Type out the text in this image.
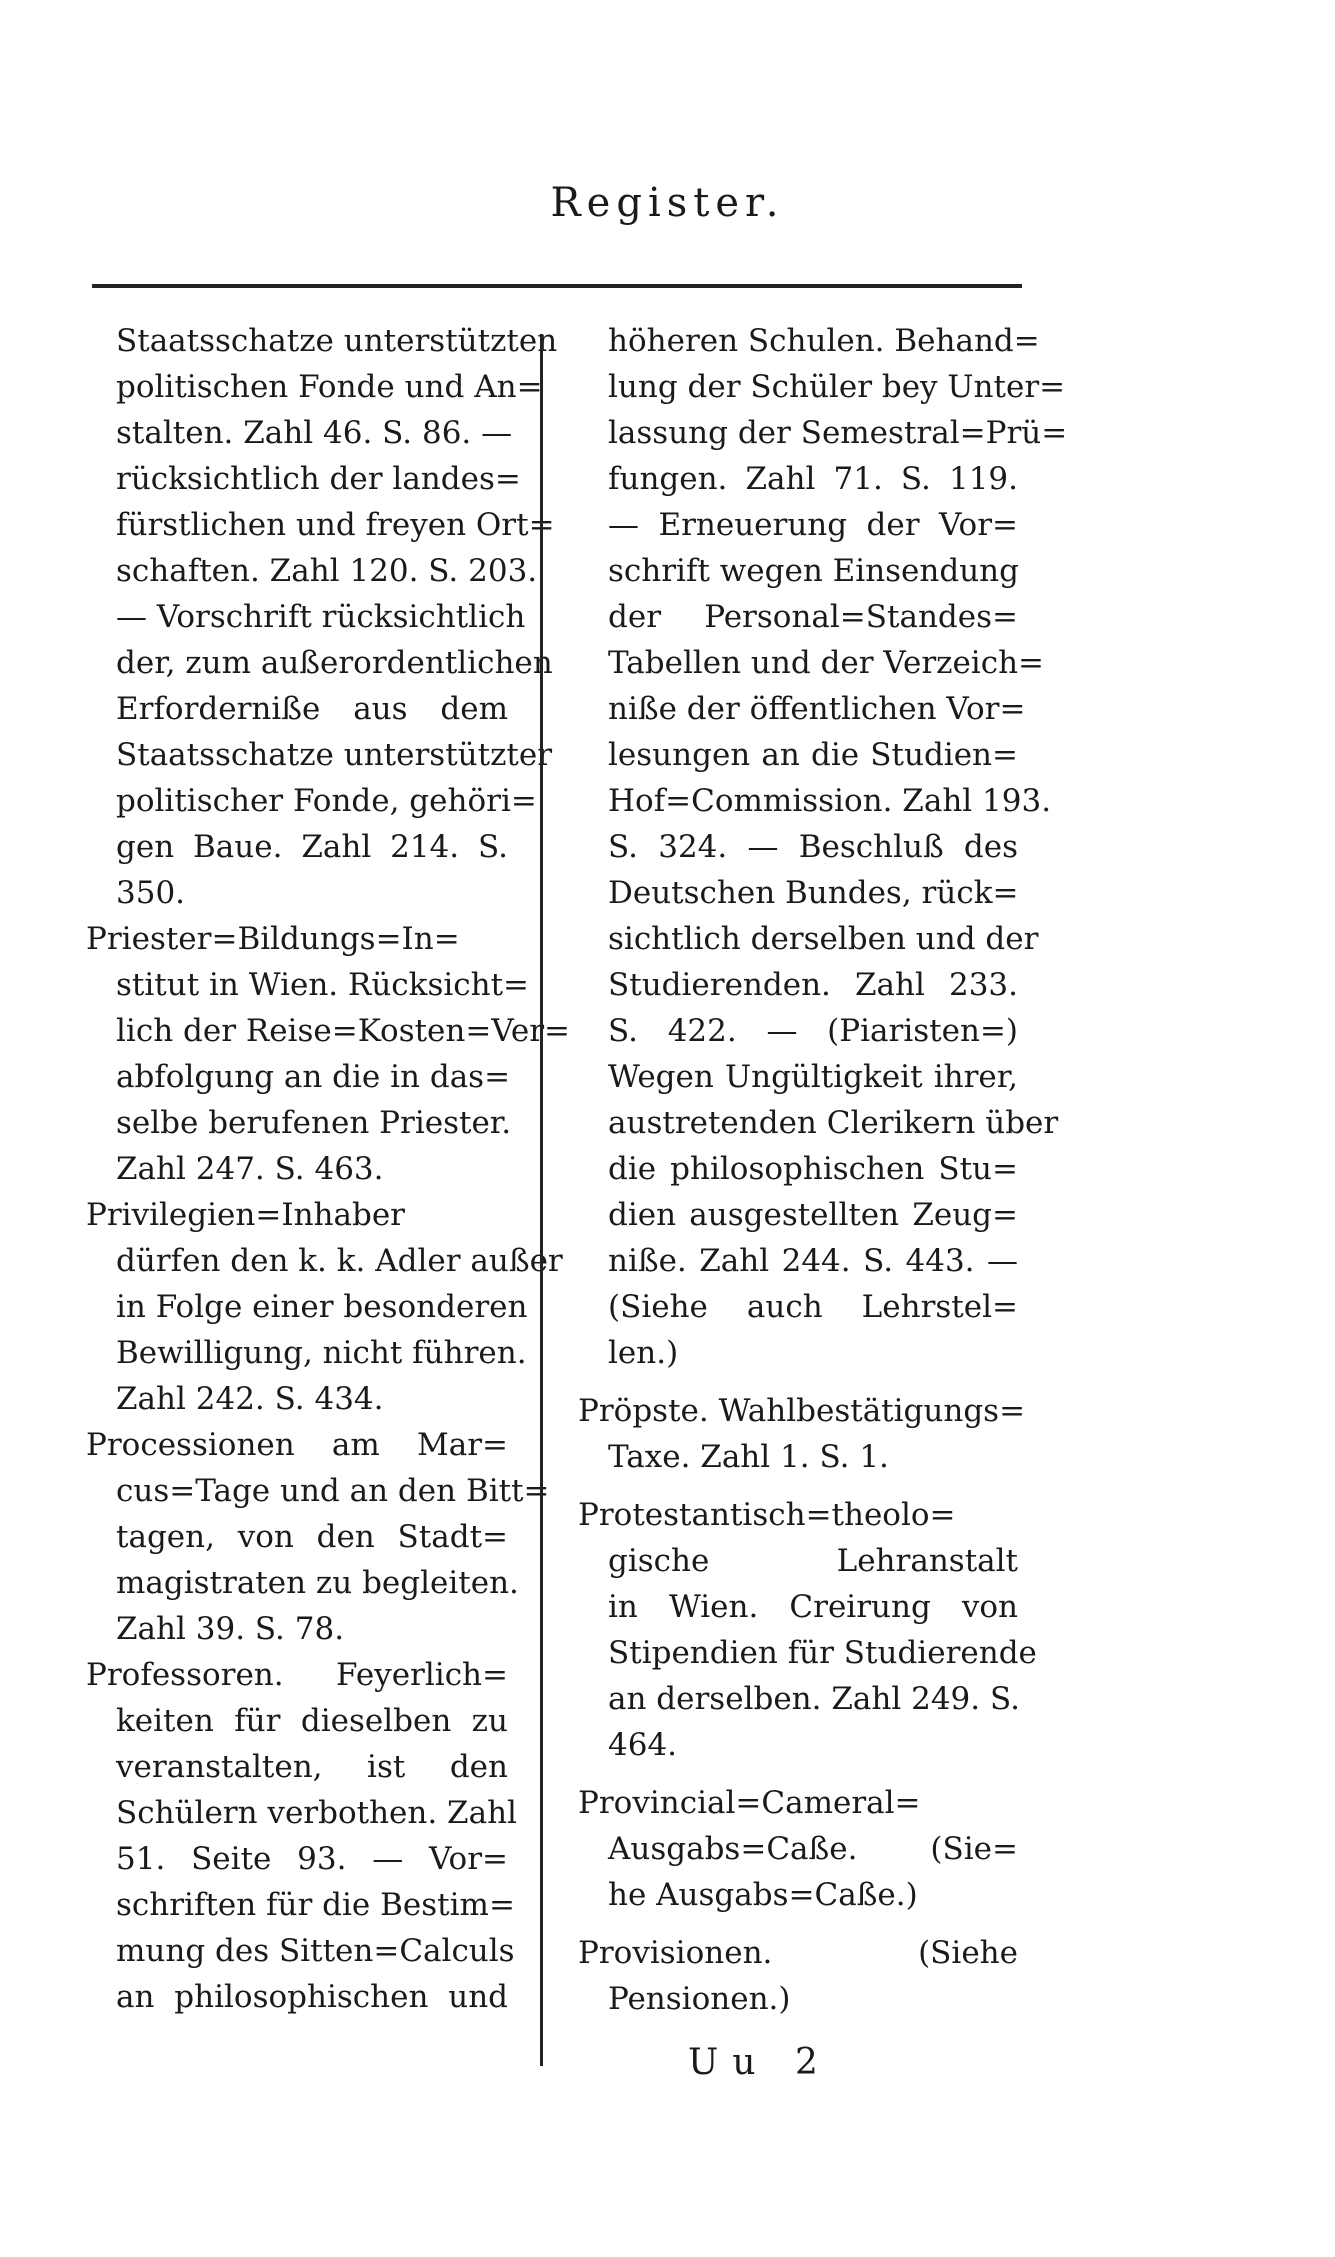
Register.
Staatsschatze unterstützten
politischen Fonde und An=
stalten. Zahl 46. S. 86. —
rücksichtlich der landes=
fürstlichen und freyen Ort=
schaften. Zahl 120. S. 203.
— Vorschrift rücksichtlich
der, zum außerordentlichen
Erforderniße aus dem
Staatsschatze unterstützter
politischer Fonde, gehöri=
gen Baue. Zahl 214. S.
350.
Priester=Bildungs=In=
stitut in Wien. Rücksicht=
lich der Reise=Kosten=Ver=
abfolgung an die in das=
selbe berufenen Priester.
Zahl 247. S. 463.
Privilegien=Inhaber
dürfen den k. k. Adler außer
in Folge einer besonderen
Bewilligung, nicht führen.
Zahl 242. S. 434.
Processionen am Mar=
cus=Tage und an den Bitt=
tagen, von den Stadt=
magistraten zu begleiten.
Zahl 39. S. 78.
Professoren. Feyerlich=
keiten für dieselben zu
veranstalten, ist den
Schülern verbothen. Zahl
51. Seite 93. — Vor=
schriften für die Bestim=
mung des Sitten=Calculs
an philosophischen und
höheren Schulen. Behand=
lung der Schüler bey Unter=
lassung der Semestral=Prü=
fungen. Zahl 71. S. 119.
— Erneuerung der Vor=
schrift wegen Einsendung
der Personal=Standes=
Tabellen und der Verzeich=
niße der öffentlichen Vor=
lesungen an die Studien=
Hof=Commission. Zahl 193.
S. 324. — Beschluß des
Deutschen Bundes, rück=
sichtlich derselben und der
Studierenden. Zahl 233.
S. 422. — (Piaristen=)
Wegen Ungültigkeit ihrer,
austretenden Clerikern über
die philosophischen Stu=
dien ausgestellten Zeug=
niße. Zahl 244. S. 443. —
(Siehe auch Lehrstel=
len.)
Pröpste. Wahlbestätigungs=
Taxe. Zahl 1. S. 1.
Protestantisch=theolo=
gische Lehranstalt
in Wien. Creirung von
Stipendien für Studierende
an derselben. Zahl 249. S.
464.
Provincial=Cameral=
Ausgabs=Caße. (Sie=
he Ausgabs=Caße.)
Provisionen. (Siehe
Pensionen.)
Uu 2
